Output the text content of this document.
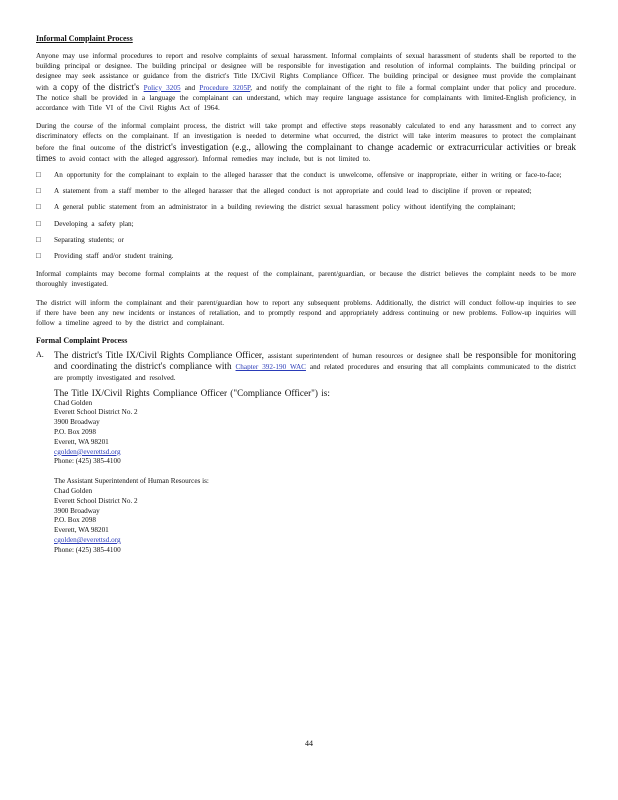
Informal Complaint Process

Anyone may use informal procedures to report and resolve complaints of sexual harassment. Informal complaints of sexual harassment of students shall be reported to the building principal or designee. The building principal or designee will be responsible for investigation and resolution of informal complaints. The building principal or designee may seek assistance or guidance from the district's Title IX/Civil Rights Compliance Officer. The building principal or designee must provide the complainant with a copy of the district's Policy 3205 and Procedure 3205P, and notify the complainant of the right to file a formal complaint under that policy and procedure. The notice shall be provided in a language the complainant can understand, which may require language assistance for complainants with limited-English proficiency, in accordance with Title VI of the Civil Rights Act of 1964.

During the course of the informal complaint process, the district will take prompt and effective steps reasonably calculated to end any harassment and to correct any discriminatory effects on the complainant. If an investigation is needed to determine what occurred, the district will take interim measures to protect the complainant before the final outcome of the district's investigation (e.g., allowing the complainant to change academic or extracurricular activities or break times to avoid contact with the alleged aggressor). Informal remedies may include, but is not limited to.

□	An opportunity for the complainant to explain to the alleged harasser that the conduct is unwelcome, offensive or inappropriate, either in writing or face-to-face;
□	A statement from a staff member to the alleged harasser that the alleged conduct is not appropriate and could lead to discipline if proven or repeated;
□	A general public statement from an administrator in a building reviewing the district sexual harassment policy without identifying the complainant;
□	Developing a safety plan;
□	Separating students; or
□	Providing staff and/or student training.

Informal complaints may become formal complaints at the request of the complainant, parent/guardian, or because the district believes the complaint needs to be more thoroughly investigated.

The district will inform the complainant and their parent/guardian how to report any subsequent problems. Additionally, the district will conduct follow-up inquiries to see if there have been any new incidents or instances of retaliation, and to promptly respond and appropriately address continuing or new problems. Follow-up inquiries will follow a timeline agreed to by the district and complainant.

Formal Complaint Process
A.	The district's Title IX/Civil Rights Compliance Officer, assistant superintendent of human resources or designee shall be responsible for monitoring and coordinating the district's compliance with Chapter 392-190 WAC and related procedures and ensuring that all complaints communicated to the district are promptly investigated and resolved.

The Title IX/Civil Rights Compliance Officer ("Compliance Officer") is:
Chad Golden
Everett School District No. 2
3900 Broadway
P.O. Box 2098
Everett, WA 98201
cgolden@everettsd.org
Phone: (425) 385-4100
The Assistant Superintendent of Human Resources is:
Chad Golden
Everett School District No. 2
3900 Broadway
P.O. Box 2098
Everett, WA 98201
cgolden@everettsd.org
Phone: (425) 385-4100
44
